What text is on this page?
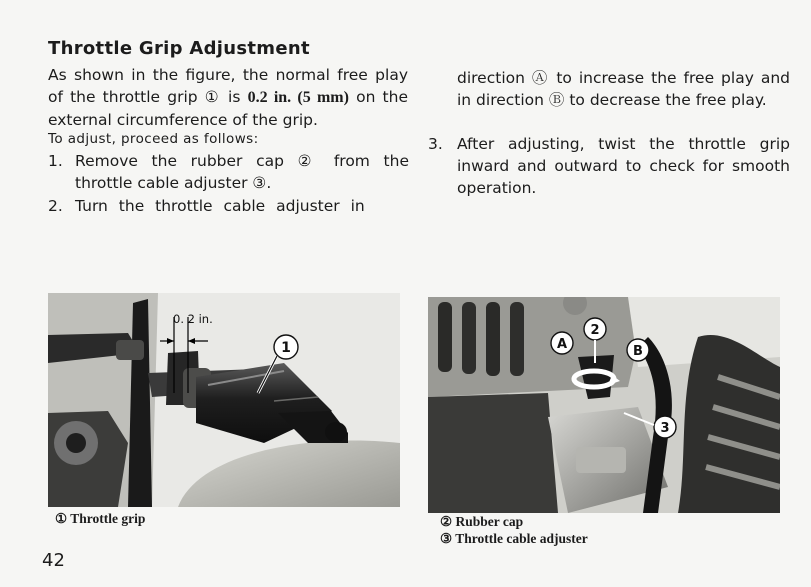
Throttle Grip Adjustment
As shown in the figure, the normal free play of the throttle grip ① is 0.2 in. (5 mm) on the external circumference of the grip.
To adjust, proceed as follows:
1. Remove the rubber cap ② from the throttle cable adjuster ③.
2. Turn the throttle cable adjuster in
direction Ⓐ to increase the free play and in direction Ⓑ to decrease the free play.
3. After adjusting, twist the throttle grip inward and outward to check for smooth operation.
0. 2 in.
1
① Throttle grip
A
2
B
3
② Rubber cap
③ Throttle cable adjuster
42
